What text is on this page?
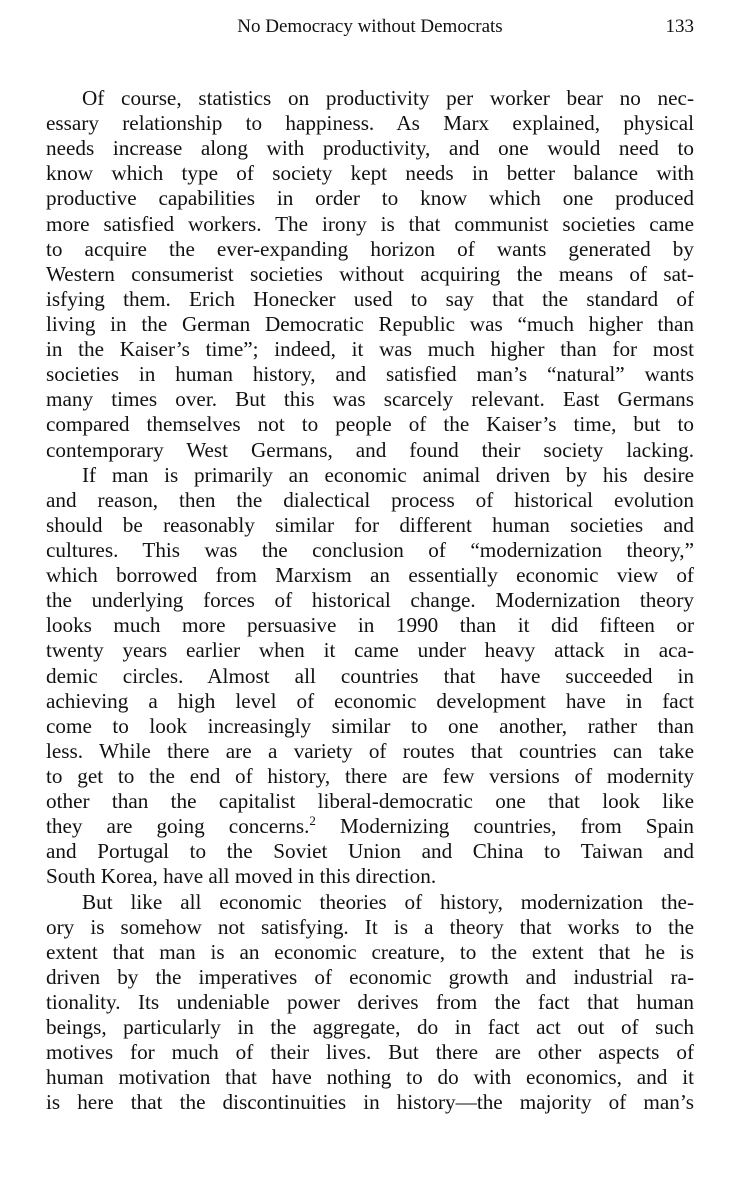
No Democracy without Democrats	133
Of course, statistics on productivity per worker bear no nec-
essary relationship to happiness. As Marx explained, physical
needs increase along with productivity, and one would need to
know which type of society kept needs in better balance with
productive capabilities in order to know which one produced
more satisfied workers. The irony is that communist societies came
to acquire the ever-expanding horizon of wants generated by
Western consumerist societies without acquiring the means of sat-
isfying them. Erich Honecker used to say that the standard of
living in the German Democratic Republic was “much higher than
in the Kaiser’s time”; indeed, it was much higher than for most
societies in human history, and satisfied man’s “natural” wants
many times over. But this was scarcely relevant. East Germans
compared themselves not to people of the Kaiser’s time, but to
contemporary West Germans, and found their society lacking.
If man is primarily an economic animal driven by his desire
and reason, then the dialectical process of historical evolution
should be reasonably similar for different human societies and
cultures. This was the conclusion of “modernization theory,”
which borrowed from Marxism an essentially economic view of
the underlying forces of historical change. Modernization theory
looks much more persuasive in 1990 than it did fifteen or
twenty years earlier when it came under heavy attack in aca-
demic circles. Almost all countries that have succeeded in
achieving a high level of economic development have in fact
come to look increasingly similar to one another, rather than
less. While there are a variety of routes that countries can take
to get to the end of history, there are few versions of modernity
other than the capitalist liberal-democratic one that look like
they are going concerns.$^2$ Modernizing countries, from Spain
and Portugal to the Soviet Union and China to Taiwan and
South Korea, have all moved in this direction.
But like all economic theories of history, modernization the-
ory is somehow not satisfying. It is a theory that works to the
extent that man is an economic creature, to the extent that he is
driven by the imperatives of economic growth and industrial ra-
tionality. Its undeniable power derives from the fact that human
beings, particularly in the aggregate, do in fact act out of such
motives for much of their lives. But there are other aspects of
human motivation that have nothing to do with economics, and it
is here that the discontinuities in history—the majority of man’s
